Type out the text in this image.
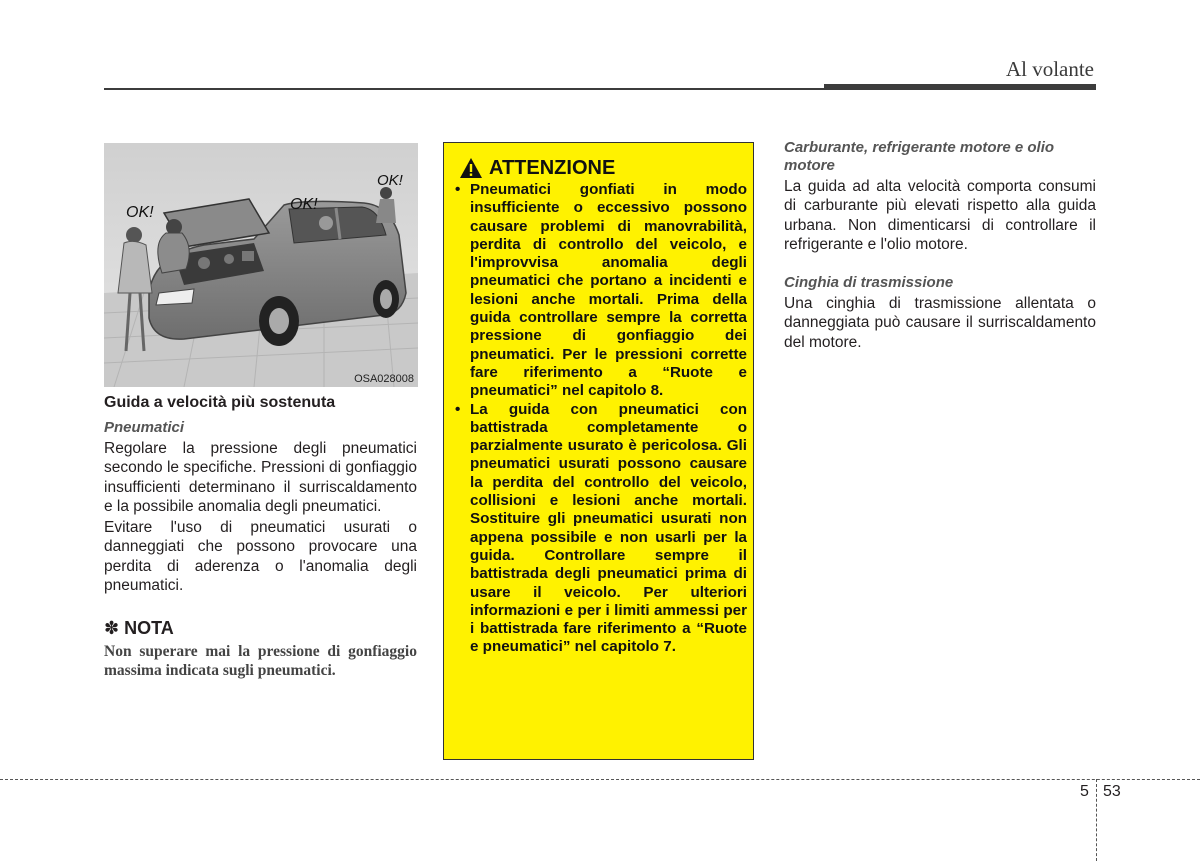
Al volante
OK!	OK!
OK!
OSA028008
Guida a velocità più sostenuta
Pneumatici

Regolare la pressione degli pneumatici secondo le specifiche. Pressioni di gonfiaggio insufficienti determinano il surriscaldamento e la possibile anomalia degli pneumatici.

Evitare l'uso di pneumatici usurati o danneggiati che possono provocare una perdita di aderenza o l'anomalia degli pneumatici.

✽ NOTA

Non superare mai la pressione di gonfiaggio massima indicata sugli pneumatici.

ATTENZIONE
• Pneumatici gonfiati in modo insufficiente o eccessivo possono causare problemi di manovrabilità, perdita di controllo del veicolo, e l'improvvisa anomalia degli pneumatici che portano a incidenti e lesioni anche mortali. Prima della guida controllare sempre la corretta pressione di gonfiaggio dei pneumatici. Per le pressioni corrette fare riferimento a “Ruote e pneumatici” nel capitolo 8.
• La guida con pneumatici con battistrada completamente o parzialmente usurato è pericolosa. Gli pneumatici usurati possono causare la perdita del controllo del veicolo, collisioni e lesioni anche mortali. Sostituire gli pneumatici usurati non appena possibile e non usarli per la guida. Controllare sempre il battistrada degli pneumatici prima di usare il veicolo. Per ulteriori informazioni e per i limiti ammessi per i battistrada fare riferimento a “Ruote e pneumatici” nel capitolo 7.
Carburante, refrigerante motore e olio motore

La guida ad alta velocità comporta consumi di carburante più elevati rispetto alla guida urbana. Non dimenticarsi di controllare il refrigerante e l'olio motore.

Cinghia di trasmissione

Una cinghia di trasmissione allentata o danneggiata può causare il surriscaldamento del motore.

5 53
